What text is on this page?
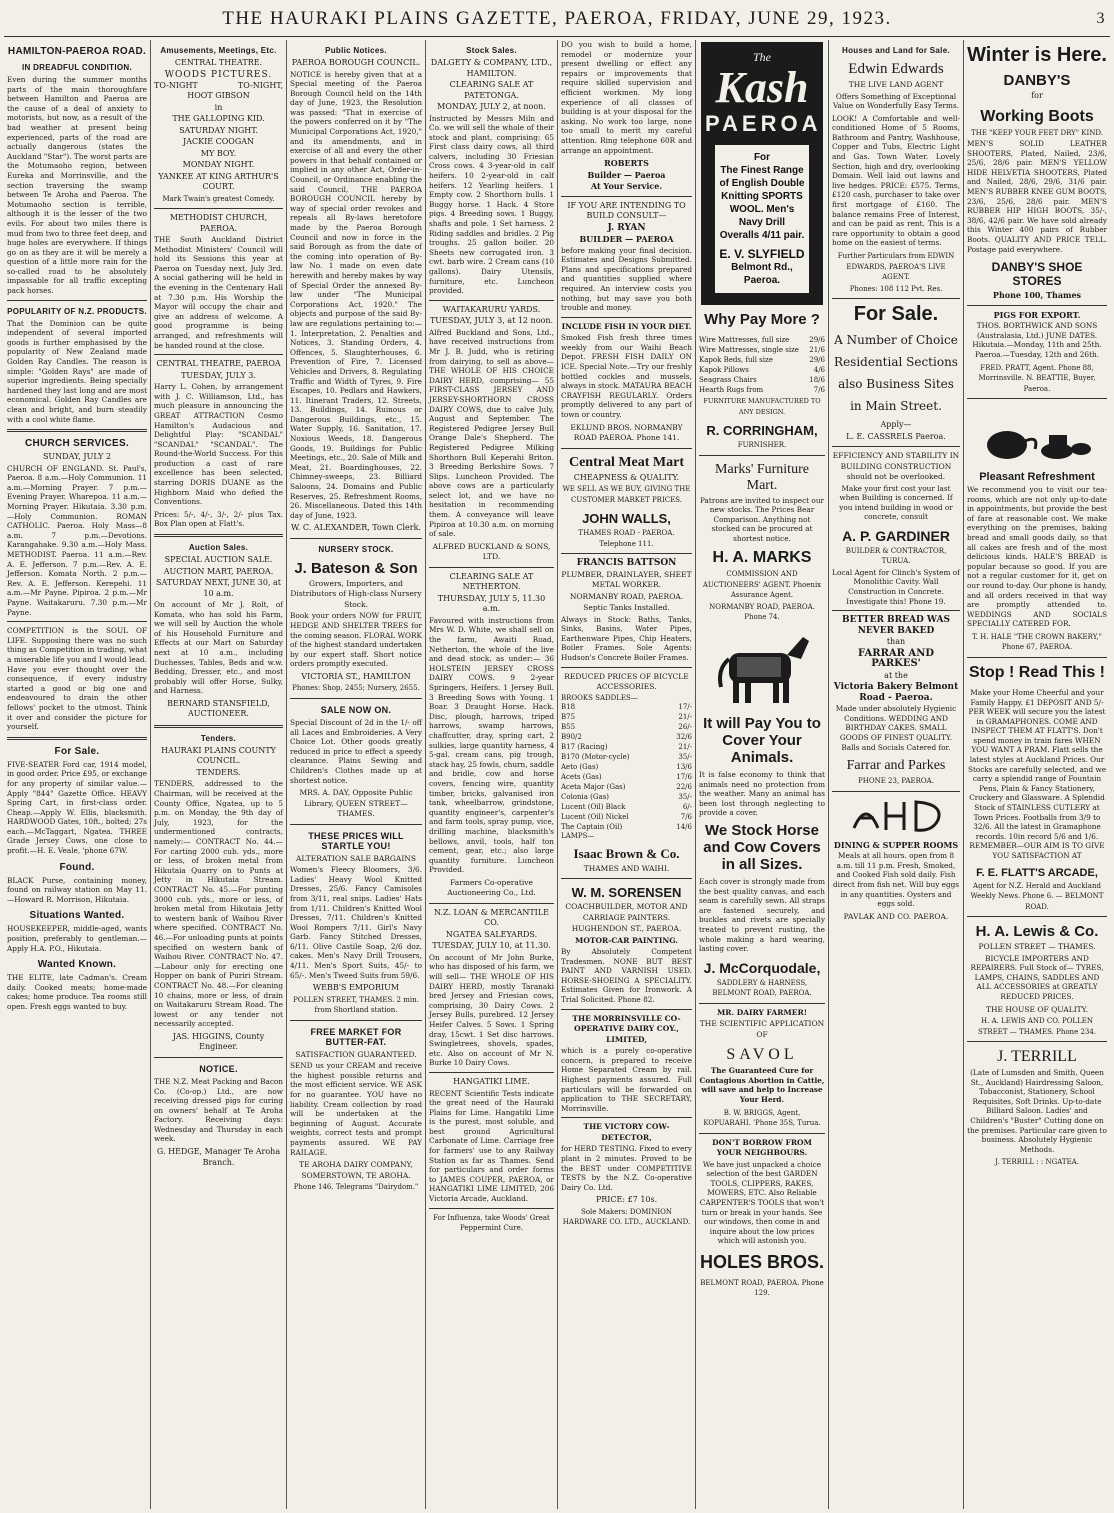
THE HAURAKI PLAINS GAZETTE, PAEROA, FRIDAY, JUNE 29, 1923.	3
HAMILTON-PAEROA ROAD.
IN DREADFUL CONDITION.

Even during the summer months parts of the main thoroughfare between Hamilton and Paeroa are the cause of a deal of anxiety to motorists, but now, as a result of the bad weather at present being experienced, parts of the road are actually dangerous (states the Auckland "Star"). The worst parts are the Motumaoho region, between Eureka and Morrinsville, and the section traversing the swamp between Te Aroha and Paeroa. The Motumaoho section is terrible, although it is the lesser of the two evils. For about two miles there is mud from two to three feet deep, and huge holes are everywhere. If things go on as they are it will be merely a question of a little more rain for the so-called road to be absolutely impassable for all traffic excepting pack horses.

POPULARITY OF N.Z. PRODUCTS.

That the Dominion can be quite independent of several imported goods is further emphasised by the popularity of New Zealand made Golden Ray Candles. The reason is simple: "Golden Rays" are made of superior ingredients. Being specially hardened they last long and are most economical. Golden Ray Candles are clean and bright, and burn steadily with a cool white flame.

CHURCH SERVICES.
SUNDAY, JULY 2

CHURCH OF ENGLAND. St. Paul's, Paeroa. 8 a.m.—Holy Communion. 11 a.m.—Morning Prayer. 7 p.m.—Evening Prayer. Wharepoa. 11 a.m.—Morning Prayer. Hikutaia. 3.30 p.m.—Holy Communion. ROMAN CATHOLIC. Paeroa. Holy Mass—8 a.m. 7 p.m.—Devotions. Karangahake. 9.30 a.m.—Holy Mass. METHODIST. Paeroa. 11 a.m.—Rev. A. E. Jefferson. 7 p.m.—Rev. A. E. Jefferson. Komata North. 2 p.m.—Rev. A. E. Jefferson. Kerepehi. 11 a.m.—Mr Payne. Pipiroa. 2 p.m.—Mr Payne. Waitakaruru. 7.30 p.m.—Mr Payne.

COMPETITION is the SOUL OF LIFE. Supposing there was no such thing as Competition in trading, what a miserable life you and I would lead. Have you ever thought over the consequence, if every industry started a good or big one and endeavoured to drain the other fellows' pocket to the utmost. Think it over and consider the picture for yourself.

For Sale.

FIVE-SEATER Ford car, 1914 model, in good order. Price £95, or exchange for any property of similar value.—Apply "844" Gazette Office. HEAVY Spring Cart, in first-class order. Cheap.—Apply W. Ellis, blacksmith. HARDWOOD Gates, 10ft., bolted; 27s each.—McTaggart, Ngatea. THREE Grade Jersey Cows, one close to profit.—H. E. Veale, 'phone 67W.

Found.

BLACK Purse, containing money, found on railway station on May 11.—Howard R. Morrison, Hikutaia.

Situations Wanted.

HOUSEKEEPER, middle-aged, wants position, preferably to gentleman.—Apply H.A. P.O., Hikutaia.

Wanted Known.

THE ELITE, late Cadman's. Cream daily. Cooked meats; home-made cakes; home produce. Tea rooms still open. Fresh eggs wanted to buy.

Amusements, Meetings, Etc.
CENTRAL THEATRE.
WOODS PICTURES.
TO-NIGHT	TO-NIGHT,
HOOT GIBSON
in
THE GALLOPING KID.
SATURDAY NIGHT.
JACKIE COOGAN
MY BOY.
MONDAY NIGHT.
YANKEE AT KING ARTHUR'S COURT.
Mark Twain's greatest Comedy.
METHODIST CHURCH, PAEROA.

THE South Auckland District Methodist Ministers' Council will hold its Sessions this year at Paeroa on Tuesday next, July 3rd. A social gathering will be held in the evening in the Centenary Hall at 7.30 p.m. His Worship the Mayor will occupy the chair and give an address of welcome. A good programme is being arranged, and refreshments will be handed round at the close.

CENTRAL THEATRE, PAEROA
TUESDAY, JULY 3.

Harry L. Cohen, by arrangement with J. C. Williamson, Ltd., has much pleasure in announcing the GREAT ATTRACTION Cosmo Hamilton's Audacious and Delightful Play: "SCANDAL" "SCANDAL" "SCANDAL". The Round-the-World Success. For this production a cast of rare excellence has been selected, starring DORIS DUANE as the Highborn Maid who defied the Conventions.

Prices: 5/-, 4/-, 3/-, 2/- plus Tax. Box Plan open at Flatt's.

Auction Sales.
SPECIAL AUCTION SALE.
AUCTION MART, PAEROA.
SATURDAY NEXT, JUNE 30, at 10 a.m.

On account of Mr J. Rolt, of Komata, who has sold his Farm, we will sell by Auction the whole of his Household Furniture and Effects at our Mart on Saturday next at 10 a.m., including Duchesses, Tables, Beds and w.w. Bedding, Dresser, etc., and most probably will offer Horse, Sulky, and Harness.

BERNARD STANSFIELD, AUCTIONEER.
Tenders.
HAURAKI PLAINS COUNTY COUNCIL.
TENDERS.

TENDERS, addressed to the Chairman, will be received at the County Office, Ngatea, up to 5 p.m. on Monday, the 9th day of July, 1923, for the undermentioned contracts, namely:— CONTRACT No. 44.—For carting 2000 cub. yds., more or less, of broken metal from Hikutaia Quarry on to Punts at Jetty in Hikutaia Stream. CONTRACT No. 45.—For punting 3000 cub. yds., more or less, of broken metal from Hikutaia Jetty to western bank of Waihou River where specified. CONTRACT No. 46.—For unloading punts at points specified on western bank of Waihou River. CONTRACT No. 47.—Labour only for erecting one Hopper on bank of Puriri Stream. CONTRACT No. 48.—For cleaning 10 chains, more or less, of drain on Waitakaruru Stream Road. The lowest or any tender not necessarily accepted.

JAS. HIGGINS, County Engineer.
NOTICE.

THE N.Z. Meat Packing and Bacon Co. (Co-op.) Ltd., are now receiving dressed pigs for curing on owners' behalf at Te Aroha Factory. Receiving days: Wednesday and Thursday in each week.

G. HEDGE, Manager Te Aroha Branch.
Public Notices.
PAEROA BOROUGH COUNCIL.

NOTICE is hereby given that at a Special meeting of the Paeroa Borough Council held on the 14th day of June, 1923, the Resolution was passed: "That in exercise of the powers conferred on it by "The Municipal Corporations Act, 1920," and its amendments, and in exercise of all and every the other powers in that behalf contained or implied in any other Act, Order-in-Council, or Ordinance enabling the said Council, THE PAEROA BOROUGH COUNCIL hereby by way of special order revokes and repeals all By-laws heretofore made by the Paeroa Borough Council and now in force in the said Borough as from the date of the coming into operation of By-law No. 1 made on even date herewith and hereby makes by way of Special Order the annexed By-law under "The Municipal Corporations Act, 1920." The objects and purpose of the said By-law are regulations pertaining to:— 1. Interpretation, 2. Penalties and Notices, 3. Standing Orders, 4. Offences, 5. Slaughterhouses, 6. Prevention of Fire, 7. Licensed Vehicles and Drivers, 8. Regulating Traffic and Width of Tyres, 9. Fire Escapes, 10. Pedlars and Hawkers, 11. Itinerant Traders, 12. Streets, 13. Buildings, 14. Ruinous or Dangerous Buildings, etc., 15. Water Supply, 16. Sanitation, 17. Noxious Weeds, 18. Dangerous Goods, 19. Buildings for Public Meetings, etc., 20. Sale of Milk and Meat, 21. Boardinghouses, 22. Chimney-sweeps, 23. Billiard Saloons, 24. Domains and Public Reserves, 25. Refreshment Rooms, 26. Miscellaneous. Dated this 14th day of June, 1923.

W. C. ALEXANDER, Town Clerk.
NURSERY STOCK.
J. Bateson & Son
Growers, Importers, and Distributors of High-class Nursery Stock.

Book your orders NOW for FRUIT, HEDGE AND SHELTER TREES for the coming season. FLORAL WORK of the highest standard undertaken by our expert staff. Short notice orders promptly executed.

VICTORIA ST., HAMILTON
Phones: Shop, 2455; Nursery, 2655.
SALE NOW ON.

Special Discount of 2d in the 1/- off all Laces and Embroideries. A Very Choice Lot. Other goods greatly reduced in price to effect a speedy clearance. Plains Sewing and Children's Clothes made up at shortest notice.

MRS. A. DAY, Opposite Public Library, QUEEN STREET—THAMES.
THESE PRICES WILL STARTLE YOU!
ALTERATION SALE BARGAINS

Women's Fleecy Bloomers, 3/6. Ladies' Heavy Wool Knitted Dresses, 25/6. Fancy Camisoles from 3/11, real snips. Ladies' Hats from 1/11. Children's Knitted Wool Dresses, 7/11. Children's Knitted Wool Rompers 7/11. Girl's Navy Garb. Fancy Stitched Dresses, 6/11. Olive Castile Soap, 2/6 doz. cakes. Men's Navy Drill Trousers, 4/11. Men's Sport Suits, 45/- to 65/-. Men's Tweed Suits from 59/6.

WEBB'S EMPORIUM
POLLEN STREET, THAMES. 2 min. from Shortland station.
FREE MARKET FOR BUTTER-FAT.
SATISFACTION GUARANTEED.

SEND us your CREAM and receive the highest possible returns and the most efficient service. WE ASK for no guarantee. YOU have no liability. Cream collection by road will be undertaken at the beginning of August. Accurate weights, correct tests and prompt payments assured. WE PAY RAILAGE.

TE AROHA DAIRY COMPANY, SOMERSTOWN, TE AROHA.
Phone 146. Telegrams "Dairydom."
Stock Sales.
DALGETY & COMPANY, LTD., HAMILTON.
CLEARING SALE AT PATETONGA.
MONDAY, JULY 2, at noon.

Instructed by Messrs Miln and Co. we will sell the whole of their stock and plant, comprising: 65 First class dairy cows, all third calvers, including 30 Friesian Cross cows. 4 3-year-old in calf heifers. 10 2-year-old in calf heifers. 12 Yearling heifers. 1 Empty cow. 2 Shorthorn bulls. 1 Buggy horse. 1 Hack. 4 Store pigs. 4 Breeding sows. 1 Buggy, shafts and pole. 1 Set harness. 2 Riding saddles and bridles. 2 Pig troughs. 25 gallon boiler. 20 Sheets new corrugated iron. 3 cwt. barb wire. 2 Cream cans (10 gallons). Dairy Utensils, furniture, etc. Luncheon provided.

WAITAKARURU YARDS.
TUESDAY, JULY 3, at 12 noon.

Alfred Buckland and Sons, Ltd., have received instructions from Mr J. B. Judd, who is retiring from dairying, to sell as above— THE WHOLE OF HIS CHOICE DAIRY HERD, comprising— 55 FIRST-CLASS JERSEY AND JERSEY-SHORTHORN CROSS DAIRY COWS, due to calve July, August and September. The Registered Pedigree Jersey Bull Orange Dale's Shepherd. The Registered Pedigree Milking Shorthorn Bull Keperahi Briton. 3 Breeding Berkshire Sows. 7 Slips. Luncheon Provided. The above cows are a particularly select lot, and we have no hesitation in recommending them. A conveyance will leave Pipiroa at 10.30 a.m. on morning of sale.

ALFRED BUCKLAND & SONS, LTD.
CLEARING SALE AT NETHERTON.
THURSDAY, JULY 5, 11.30 a.m.

Favoured with instructions from Mrs W. D. White, we shall sell on the farm, Awaiti Road, Netherton, the whole of the live and dead stock, as under:— 36 HOLSTEIN JERSEY CROSS DAIRY COWS. 9 2-year Springers, Heifers. 1 Jersey Bull. 3 Breeding Sows with Young. 1 Boar. 3 Draught Horse. Hack. Disc, plough, harrows, triped harrows, swamp harrows, chaffcutter, dray, spring cart, 2 sulkies, large quantity harness, 4 5-gal. cream cans, pig trough, stack hay, 25 fowls, churn, saddle and bridle, cow and horse covers, fencing wire, quantity timber, bricks, galvanised iron tank, wheelbarrow, grindstone, quantity engineer's, carpenter's and farm tools, spray pump, vice, drilling machine, blacksmith's bellows, anvil, tools, half ton cement, gear, etc.; also large quantity furniture. Luncheon Provided.

Farmers Co-operative Auctioneering Co., Ltd.
N.Z. LOAN & MERCANTILE CO.
NGATEA SALEYARDS.
TUESDAY, JULY 10, at 11.30.

On account of Mr John Burke, who has disposed of his farm, we will sell— THE WHOLE OF HIS DAIRY HERD, mostly Taranaki bred Jersey and Friesian cows, comprising, 30 Dairy Cows. 2 Jersey Bulls, purebred. 12 Jersey Heifer Calves. 5 Sows. 1 Spring dray, 15cwt. 1 Set disc harrows. Swingletrees, shovels, spades, etc. Also on account of Mr N. Burke 10 Dairy Cows.

HANGATIKI LIME.

RECENT Scientific Tests indicate the great need of the Hauraki Plains for Lime. Hangatiki Lime is the purest, most soluble, and best ground Agricultural Carbonate of Lime. Carriage free for farmers' use to any Railway Station as far as Thames. Send for particulars and order forms to JAMES COUPER, PAEROA, or HANGATIKI LIME LIMITED, 206 Victoria Arcade, Auckland.

For Influenza, take Woods' Great Peppermint Cure.

DO you wish to build a home, remodel or modernize your present dwelling or effect any repairs or improvements that require skilled supervision and efficient workmen. My long experience of all classes of building is at your disposal for the asking. No work too large, none too small to merit my careful attention. Ring telephone 60R and arrange an appointment.

ROBERTS
Builder — Paeroa
At Your Service.
IF YOU ARE INTENDING TO BUILD CONSULT—
J. RYAN
BUILDER — PAEROA

before making your final decision. Estimates and Designs Submitted. Plans and specifications prepared and quantities supplied where required. An interview costs you nothing, but may save you both trouble and money.

INCLUDE FISH IN YOUR DIET.

Smoked Fish fresh three times weekly from our Waihi Beach Depot. FRESH FISH DAILY ON ICE. Special Note.—Try our freshly bottled cockles and mussels, always in stock. MATAURA BEACH CRAYFISH REGULARLY. Orders promptly delivered to any part of town or country.

EKLUND BROS. NORMANBY ROAD PAEROA. Phone 141.
Central Meat Mart
CHEAPNESS & QUALITY.
WE SELL AS WE BUY, GIVING THE CUSTOMER MARKET PRICES.
JOHN WALLS,
THAMES ROAD - PAEROA. Telephone 111.
FRANCIS BATTSON
PLUMBER, DRAINLAYER, SHEET METAL WORKER.
NORMANBY ROAD, PAEROA.
Septic Tanks Installed.

Always in Stock: Baths, Tanks, Sinks, Basins, Water Pipes, Earthenware Pipes, Chip Heaters, Boiler Frames. Sole Agents: Hudson's Concrete Boiler Frames.

REDUCED PRICES OF BICYCLE ACCESSORIES.
BROOKS SADDLES—
B18	17/-
B75	21/-
B55	26/-
B90/2	32/6
B17 (Racing)	21/-
B170 (Motor-cycle)	35/-
Aeto (Gas)	13/6
Acets (Gas)	17/6
Aceta Major (Gas)	22/6
Colonia (Gas)	35/-
Lucent (Oil) Black	6/-
Lucent (Oil) Nickel	7/6
The Captain (Oil)	14/6
LAMPS—
Isaac Brown & Co.
THAMES AND WAIHI.
W. M. SORENSEN
COACHBUILDER, MOTOR AND CARRIAGE PAINTERS.
HUGHENDON ST., PAEROA.
MOTOR-CAR PAINTING.

By Absolutely Competent Tradesmen. NONE BUT BEST PAINT AND VARNISH USED. HORSE-SHOEING A SPECIALITY. Estimates Given for Ironwork. A Trial Solicited. Phone 82.

THE MORRINSVILLE CO-OPERATIVE DAIRY COY., LIMITED,

which is a purely co-operative concern, is prepared to receive Home Separated Cream by rail. Highest payments assured. Full particulars will be forwarded on application to THE SECRETARY, Morrinsville.

THE VICTORY COW-DETECTOR,

for HERD TESTING. Fixed to every plant in 2 minutes. Proved to be the BEST under COMPETITIVE TESTS by the N.Z. Co-operative Dairy Co. Ltd.

PRICE: £7 10s.
Sole Makers: DOMINION HARDWARE CO. LTD., AUCKLAND.
The
Kash
PAEROA
For
The Finest Range of English Double Knitting SPORTS WOOL. Men's Navy Drill Overalls 4/11 pair.
E. V. SLYFIELD
Belmont Rd., Paeroa.
Why Pay More ?
Wire Mattresses, full size	29/6
Wire Mattresses, single size 21/6
Kapok Beds, full size	29/6
Kapok Pillows	4/6
Seagrass Chairs	18/6
Hearth Rugs from	7/6
FURNITURE MANUFACTURED TO ANY DESIGN.
R. CORRINGHAM,
FURNISHER.
Marks' Furniture Mart.

Patrons are invited to inspect our new stocks. The Prices Bear Comparison. Anything not stocked can be procured at shortest notice.

H. A. MARKS
COMMISSION AND AUCTIONEERS' AGENT. Phoenix Assurance Agent.
NORMANBY ROAD, PAEROA. Phone 74.
It will Pay You to Cover Your Animals.

It is false economy to think that animals need no protection from the weather. Many an animal has been lost through neglecting to provide a cover.

We Stock Horse and Cow Covers in all Sizes.

Each cover is strongly made from the best quality canvas, and each seam is carefully sewn. All straps are fastened securely, and buckles and rivets are specially treated to prevent rusting, the whole making a hard wearing, lasting cover.

J. McCorquodale,
SADDLERY & HARNESS, BELMONT ROAD, PAEROA.
MR. DAIRY FARMER!
THE SCIENTIFIC APPLICATION OF
SAVOL

The Guaranteed Cure for Contagious Abortion in Cattle, will save and help to Increase Your Herd.

B. W. BRIGGS, Agent, KOPUARAHI. 'Phone 35S, Turua.
DON'T BORROW FROM YOUR NEIGHBOURS.

We have just unpacked a choice selection of the best GARDEN TOOLS, CLIPPERS, RAKES, MOWERS, ETC. Also Reliable CARPENTER'S TOOLS that won't turn or break in your hands. See our windows, then come in and inquire about the low prices which will astonish you.

HOLES BROS.
BELMONT ROAD, PAEROA. Phone 129.
Houses and Land for Sale.
Edwin Edwards
THE LIVE LAND AGENT

Offers Something of Exceptional Value on Wonderfully Easy Terms.

LOOK! A Comfortable and well-conditioned Home of 5 Rooms, Bathroom and Pantry, Washhouse, Copper and Tubs, Electric Light and Gas. Town Water. Lovely Section, high and dry, overlooking Domain. Well laid out lawns and live hedges. PRICE: £575. Terms, £120 cash, purchaser to take over first mortgage of £160. The balance remains Free of Interest, and can be paid as rent. This is a rare opportunity to obtain a good home on the easiest of terms.

Further Particulars from EDWIN EDWARDS, PAEROA'S LIVE AGENT.
Phones: 108 112 Pvt. Res.
For Sale.

A Number of Choice Residential Sections also Business Sites in Main Street.

Apply—
L. E. CASSRELS Paeroa.
EFFICIENCY AND STABILITY IN BUILDING CONSTRUCTION should not be overlooked.

Make your first cost your last when Building is concerned. If you intend building in wood or concrete, consult

A. P. GARDINER
BUILDER & CONTRACTOR, TURUA.

Local Agent for Clinch's System of Monolithic Cavity. Wall Construction in Concrete. Investigate this! Phone 19.

BETTER BREAD WAS NEVER BAKED
than
FARRAR AND PARKES'
at the
Victoria Bakery Belmont Road - Paeroa.

Made under absolutely Hygienic Conditions. WEDDING AND BIRTHDAY CAKES. SMALL GOODS OF FINEST QUALITY. Balls and Socials Catered for.

Farrar and Parkes
PHONE 23, PAEROA.
DINING & SUPPER ROOMS

Meals at all hours. open from 8 a.m. till 11 p.m. Fresh, Smoked, and Cooked Fish sold daily. Fish direct from fish net. Will buy eggs in any quantities. Oysters and eggs sold.

PAVLAK AND CO. PAEROA.
Winter is Here.
DANBY'S
for
Working Boots
THE "KEEP YOUR FEET DRY" KIND.

MEN'S SOLID LEATHER SHOOTERS, Plated, Nailed, 23/6, 25/6, 28/6 pair. MEN'S YELLOW HIDE HELVETIA SHOOTERS, Plated and Nailed, 28/6, 29/6, 31/6 pair. MEN'S RUBBER KNEE GUM BOOTS, 23/6, 25/6, 28/6 pair. MEN'S RUBBER HIP HIGH BOOTS, 35/-, 38/6, 42/6 pair. We have sold already this Winter 400 pairs of Rubber Boots. QUALITY AND PRICE TELL. Postage paid everywhere.

DANBY'S SHOE STORES
Phone 100, Thames
PIGS FOR EXPORT.

THOS. BORTHWICK AND SONS (Australasia, Ltd.) JUNE DATES. Hikutaia.—Monday, 11th and 25th. Paeroa.—Tuesday, 12th and 26th.

FRED. PRATT, Agent. Phone 88, Morrinsville. N. BEATTIE, Buyer, Paeroa.
Pleasant Refreshment

We recommend you to visit our tea-rooms, which are not only up-to-date in appointments, but provide the best of fare at reasonable cost. We make everything on the premises, baking bread and small goods daily, so that all cakes are fresh and of the most delicious kinds. HALE'S BREAD is popular because so good. If you are not a regular customer for it, get on our round to-day. Our phone is handy, and all orders received in that way are promptly attended to. WEDDINGS AND SOCIALS SPECIALLY CATERED FOR.

T. H. HALE "THE CROWN BAKERY," Phone 67, PAEROA.
Stop ! Read This !

Make your Home Cheerful and your Family Happy. £1 DEPOSIT AND 5/- PER WEEK will secure you the latest in GRAMAPHONES. COME AND INSPECT THEM AT FLATT'S. Don't spend money in train fares WHEN YOU WANT A PRAM. Flatt sells the latest styles at Auckland Prices. Our Stocks are carefully selected, and we carry a splendid range of Fountain Pens, Plain & Fancy Stationery, Crockery and Glassware. A Splendid Stock of STAINLESS CUTLERY at Town Prices. Footballs from 3/9 to 32/6. All the latest in Gramaphone records. 10in record 5/6 and 1/6. REMEMBER—OUR AIM IS TO GIVE YOU SATISFACTION AT

F. E. FLATT'S ARCADE,
Agent for N.Z. Herald and Auckland Weekly News. Phone 6. — BELMONT ROAD.
H. A. Lewis & Co.
POLLEN STREET — THAMES.

BICYCLE IMPORTERS AND REPAIRERS. Full Stock of— TYRES, LAMPS, CHAINS, SADDLES AND ALL ACCESSORIES at GREATLY REDUCED PRICES.

THE HOUSE OF QUALITY.
H. A. LEWIS AND CO. POLLEN STREET — THAMES. Phone 234.
J. TERRILL

(Late of Lumsden and Smith, Queen St., Auckland) Hairdressing Saloon, Tobacconist, Stationery, School Requisites, Soft Drinks. Up-to-date Billiard Saloon. Ladies' and Children's "Buster" Cutting done on the premises. Particular care given to business. Absolutely Hygienic Methods.

J. TERRILL : : NGATEA.
